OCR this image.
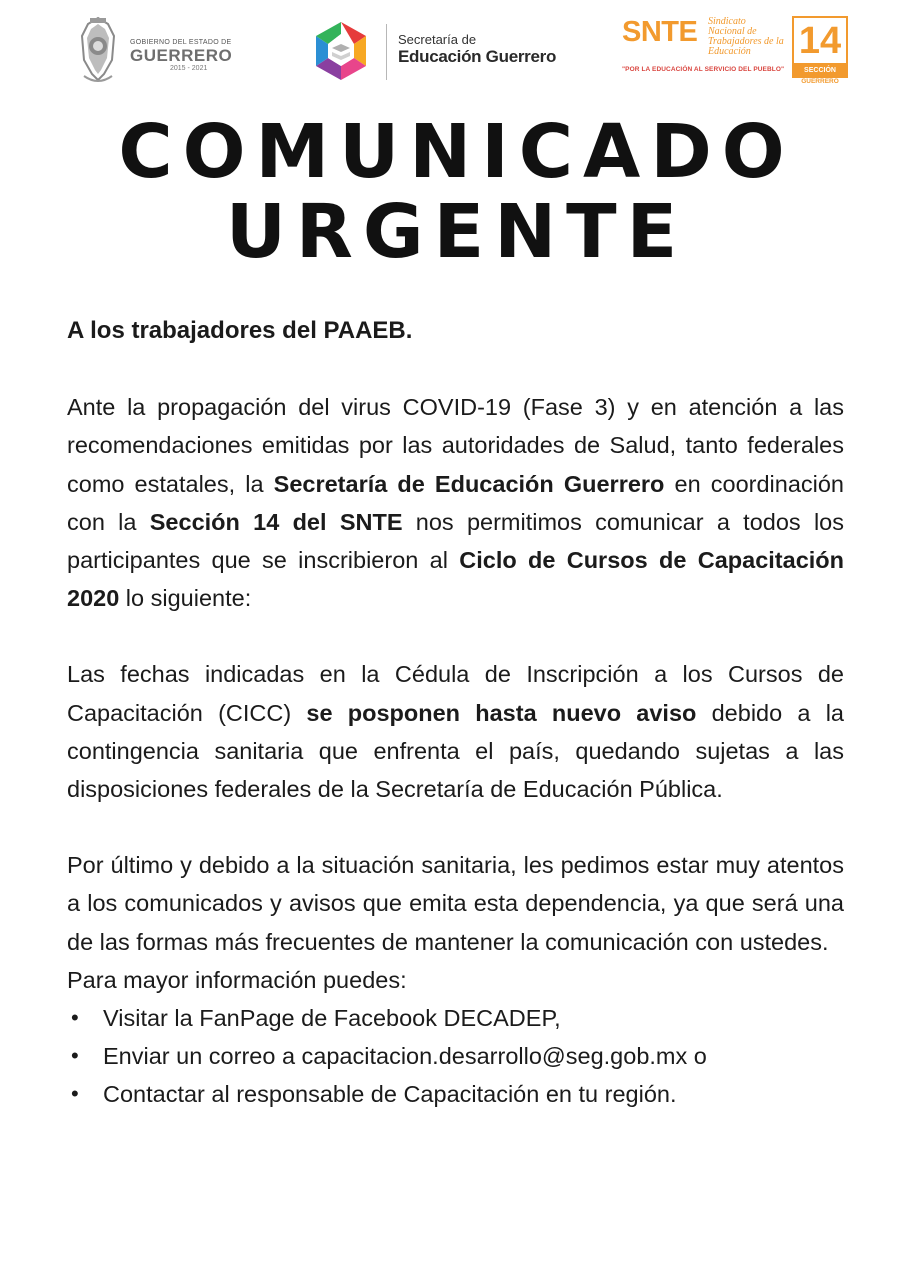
GOBIERNO DEL ESTADO DE
GUERRERO
2015 - 2021
Secretaría de
Educación Guerrero
SNTE Sindicato
Nacional de
Trabajadores de la
Educación
"POR LA EDUCACIÓN AL SERVICIO DEL PUEBLO"
14
SECCIÓN
GUERRERO
COMUNICADO
URGENTE

A los trabajadores del PAAEB.

Ante la propagación del virus COVID-19 (Fase 3) y en atención a las recomendaciones emitidas por las autoridades de Salud, tanto federales como estatales, la Secretaría de Educación Guerrero en coordinación con la Sección 14 del SNTE nos permitimos comunicar a todos los participantes que se inscribieron al Ciclo de Cursos de Capacitación 2020 lo siguiente:

Las fechas indicadas en la Cédula de Inscripción a los Cursos de Capacitación (CICC) se posponen hasta nuevo aviso debido a la contingencia sanitaria que enfrenta el país, quedando sujetas a las disposiciones federales de la Secretaría de Educación Pública.

Por último y debido a la situación sanitaria, les pedimos estar muy atentos a los comunicados y avisos que emita esta dependencia, ya que será una de las formas más frecuentes de mantener la comunicación con ustedes.

Para mayor información puedes:

• Visitar la FanPage de Facebook DECADEP,
• Enviar un correo a capacitacion.desarrollo@seg.gob.mx o
• Contactar al responsable de Capacitación en tu región.
